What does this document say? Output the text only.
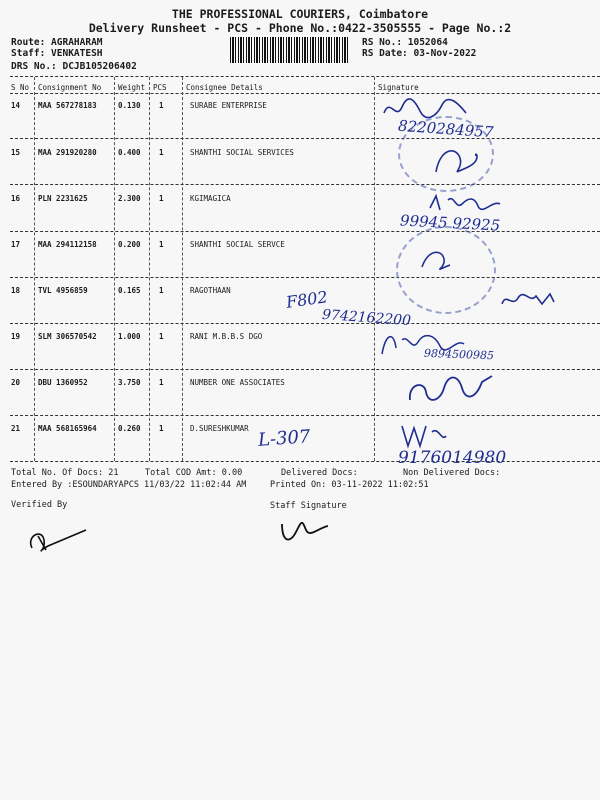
THE PROFESSIONAL COURIERS, Coimbatore
Delivery Runsheet - PCS - Phone No.:0422-3505555 - Page No.:2
Route: AGRAHARAM
Staff: VENKATESH
DRS No.: DCJB105206402
RS No.: 1052064
RS Date: 03-Nov-2022
S No Consignment No Weight PCS	Consignee Details	Signature
14 MAA 567278183	0.130 1	SURABE ENTERPRISE
15 MAA 291920280	0.400 1	SHANTHI SOCIAL SERVICES
16 PLN 2231625	2.300 1	KGIMAGICA
17 MAA 294112158	0.200 1	SHANTHI SOCIAL SERVCE
18 TVL 4956859	0.165 1	RAGOTHAAN
19 SLM 306570542	1.000 1	RANI M.B.B.S DGO
20 DBU 1360952	3.750 1	NUMBER ONE ASSOCIATES
21 MAA 568165964	0.260 1	D.SURESHKUMAR
8220284957
99945 92925
F802
9742162200
9894500985
L-307
9176014980
Total No. Of Docs: 21	Total COD Amt: 0.00	Delivered Docs:	Non Delivered Docs:
Entered By :ESOUNDARYAPCS 11/03/22 11:02:44 AM	Printed On: 03-11-2022 11:02:51
Verified By	Staff Signature
